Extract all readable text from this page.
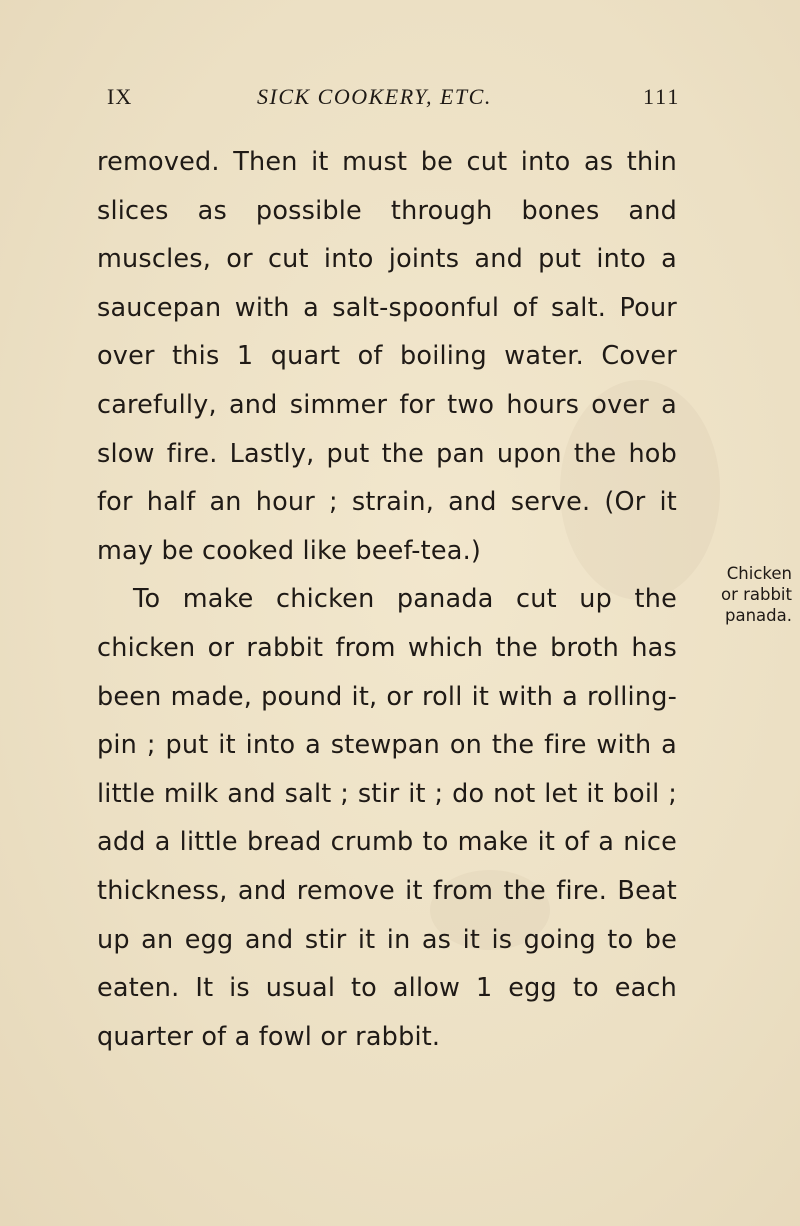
IX	SICK COOKERY, ETC.	111

removed. Then it must be cut into as thin slices as possible through bones and muscles, or cut into joints and put into a saucepan with a salt-spoonful of salt. Pour over this 1 quart of boiling water. Cover carefully, and simmer for two hours over a slow fire. Lastly, put the pan upon the hob for half an hour ; strain, and serve. (Or it may be cooked like beef-tea.)

To make chicken panada cut up the chicken or rabbit from which the broth has been made, pound it, or roll it with a rolling-pin ; put it into a stewpan on the fire with a little milk and salt ; stir it ; do not let it boil ; add a little bread crumb to make it of a nice thickness, and remove it from the fire. Beat up an egg and stir it in as it is going to be eaten. It is usual to allow 1 egg to each quarter of a fowl or rabbit.

Chicken
or rabbit
panada.
